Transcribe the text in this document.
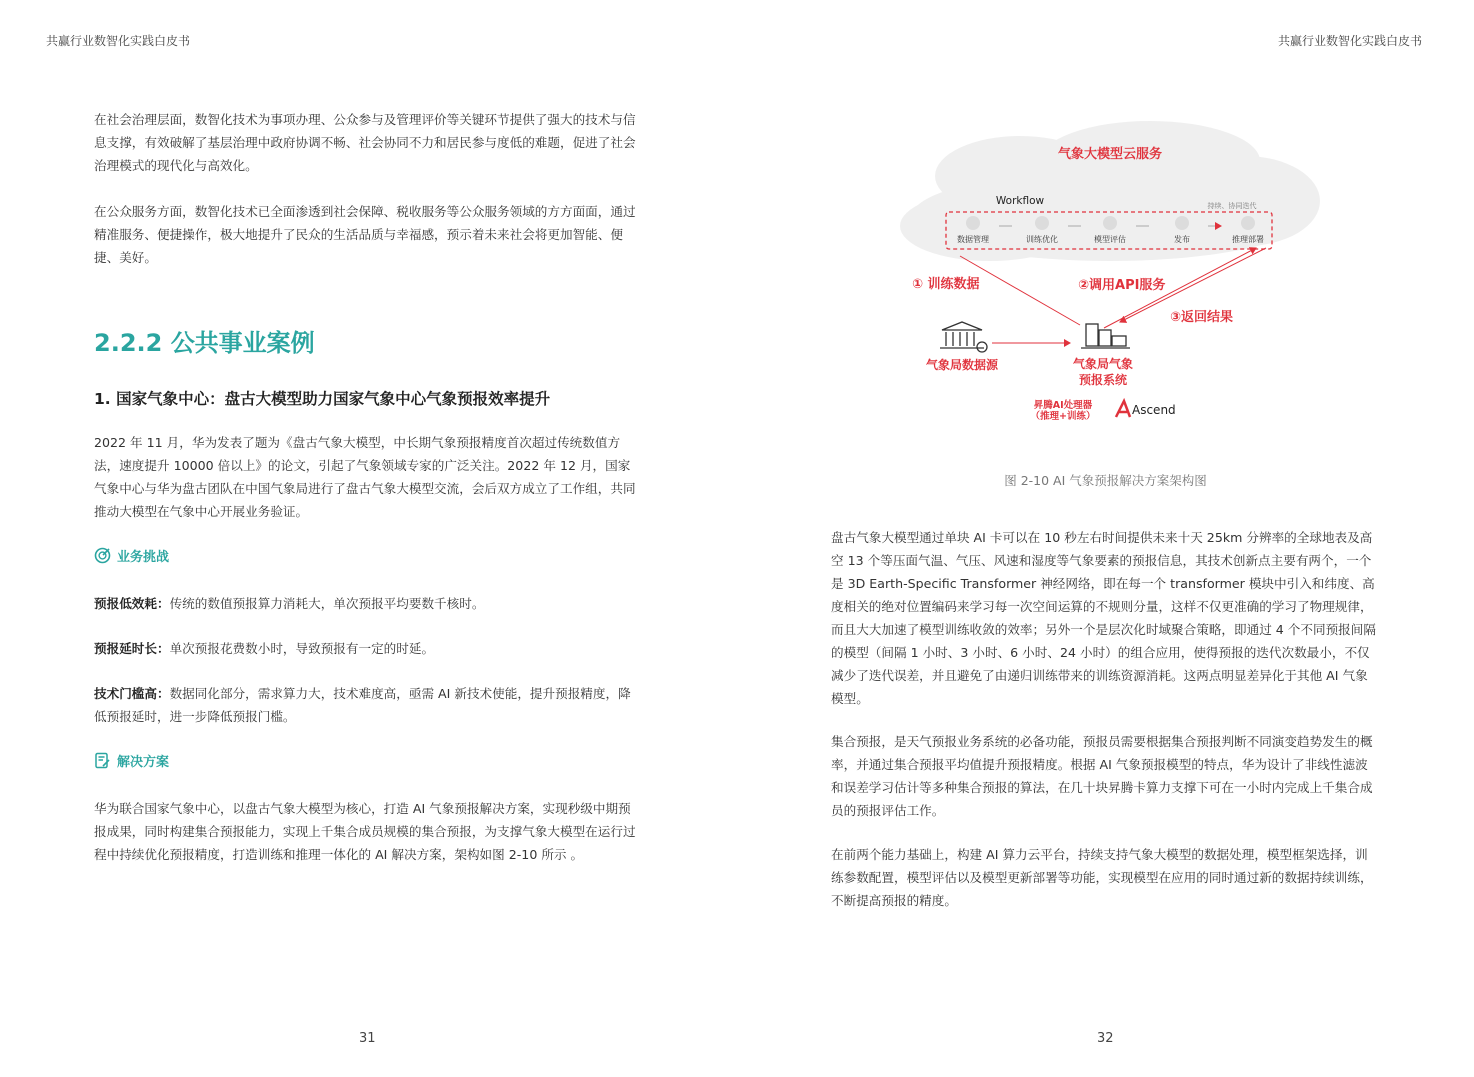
共赢行业数智化实践白皮书	共赢行业数智化实践白皮书

在社会治理层面，数智化技术为事项办理、公众参与及管理评价等关键环节提供了强大的技术与信息支撑，有效破解了基层治理中政府协调不畅、社会协同不力和居民参与度低的难题，促进了社会治理模式的现代化与高效化。

在公众服务方面，数智化技术已全面渗透到社会保障、税收服务等公众服务领域的方方面面，通过精准服务、便捷操作，极大地提升了民众的生活品质与幸福感，预示着未来社会将更加智能、便捷、美好。

2.2.2 公共事业案例
1. 国家气象中心：盘古大模型助力国家气象中心气象预报效率提升

2022 年 11 月，华为发表了题为《盘古气象大模型，中长期气象预报精度首次超过传统数值方法，速度提升 10000 倍以上》的论文，引起了气象领域专家的广泛关注。2022 年 12 月，国家气象中心与华为盘古团队在中国气象局进行了盘古气象大模型交流，会后双方成立了工作组，共同推动大模型在气象中心开展业务验证。

业务挑战

预报低效耗：传统的数值预报算力消耗大，单次预报平均要数千核时。

预报延时长：单次预报花费数小时，导致预报有一定的时延。

技术门槛高：数据同化部分，需求算力大，技术难度高，亟需 AI 新技术使能，提升预报精度，降低预报延时，进一步降低预报门槛。

解决方案

华为联合国家气象中心，以盘古气象大模型为核心，打造 AI 气象预报解决方案，实现秒级中期预报成果，同时构建集合预报能力，实现上千集合成员规模的集合预报，为支撑气象大模型在运行过程中持续优化预报精度，打造训练和推理一体化的 AI 解决方案，架构如图 2-10 所示 。

31
气象大模型云服务
Workflow	持续、协同迭代
数据管理	训练优化	模型评估	发布	推理部署
① 训练数据	②调用API服务
③返回结果
气象局数据源	气象局气象
预报系统
昇腾AI处理器
（推理+训练）	Ascend
图 2-10 AI 气象预报解决方案架构图

盘古气象大模型通过单块 AI 卡可以在 10 秒左右时间提供未来十天 25km 分辨率的全球地表及高空 13 个等压面气温、气压、风速和湿度等气象要素的预报信息，其技术创新点主要有两个，一个是 3D Earth-Specific Transformer 神经网络，即在每一个 transformer 模块中引入和纬度、高度相关的绝对位置编码来学习每一次空间运算的不规则分量，这样不仅更准确的学习了物理规律，而且大大加速了模型训练收敛的效率；另外一个是层次化时域聚合策略，即通过 4 个不同预报间隔的模型（间隔 1 小时、3 小时、6 小时、24 小时）的组合应用，使得预报的迭代次数最小，不仅减少了迭代误差，并且避免了由递归训练带来的训练资源消耗。这两点明显差异化于其他 AI 气象模型。

集合预报，是天气预报业务系统的必备功能，预报员需要根据集合预报判断不同演变趋势发生的概率，并通过集合预报平均值提升预报精度。根据 AI 气象预报模型的特点，华为设计了非线性滤波和误差学习估计等多种集合预报的算法，在几十块昇腾卡算力支撑下可在一小时内完成上千集合成员的预报评估工作。

在前两个能力基础上，构建 AI 算力云平台，持续支持气象大模型的数据处理，模型框架选择，训练参数配置，模型评估以及模型更新部署等功能，实现模型在应用的同时通过新的数据持续训练，不断提高预报的精度。

32
